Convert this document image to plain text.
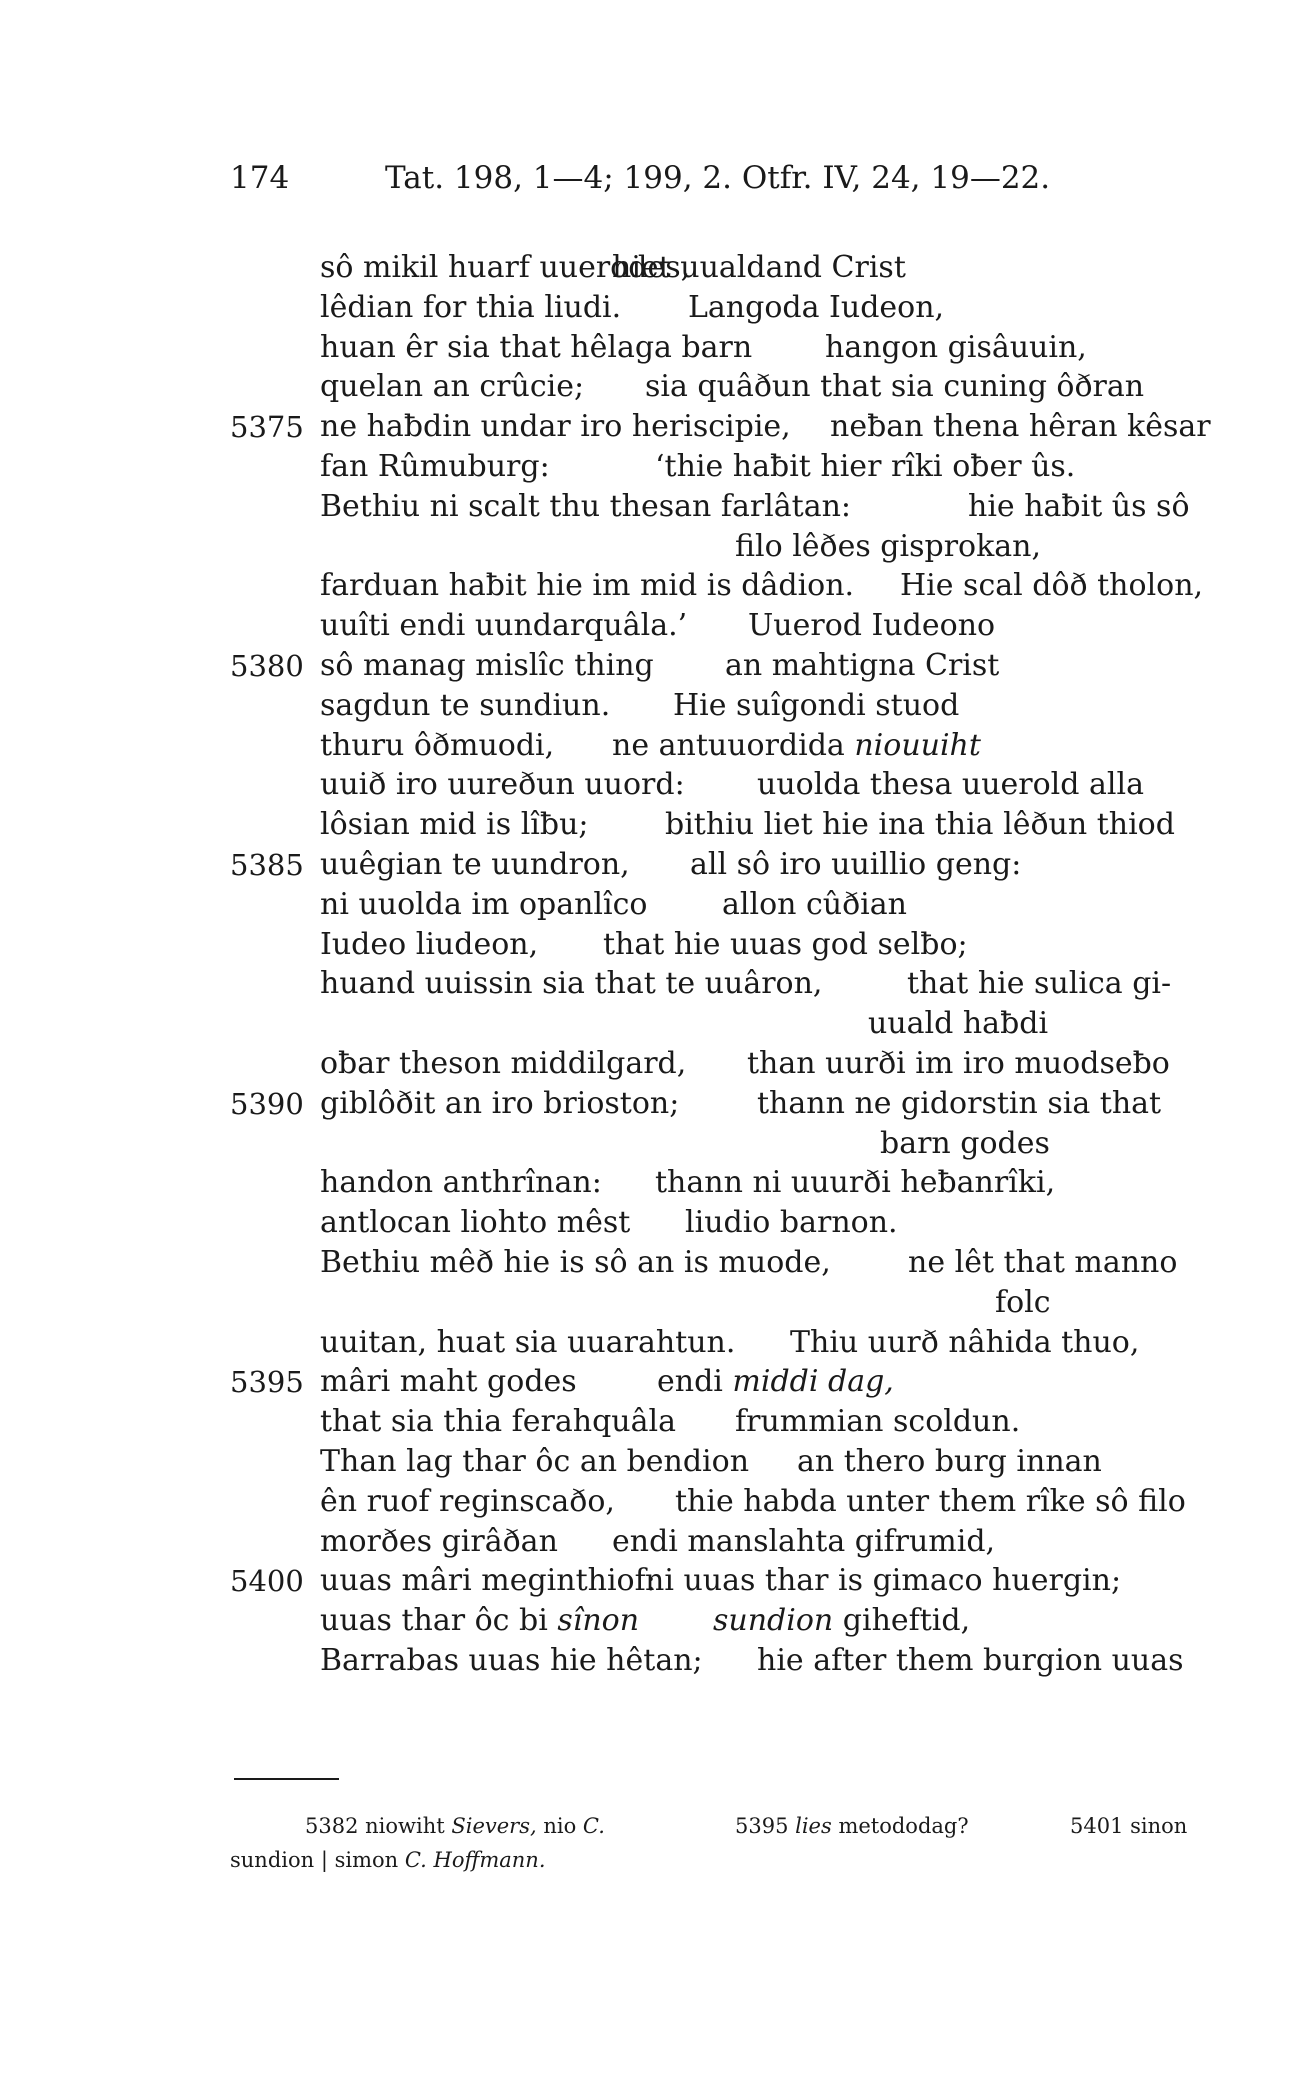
174	Tat. 198, 1—4; 199, 2. Otfr. IV, 24, 19—22.
sô mikil huarf uuerodes,
hiet uualdand Crist
lêdian for thia liudi. Langoda Iudeon,
huan êr sia that hêlaga barn hangon gisâuuin,
quelan an crûcie; sia quâðun that sia cuning ôðran
5375 ne haƀdin undar iro heriscipie, neƀan thena hêran kêsar
fan Rûmuburg:	‘thie haƀit hier rîki oƀer ûs.
Bethiu ni scalt thu thesan farlâtan:	hie haƀit ûs sô
filo lêðes gisprokan,
farduan haƀit hie im mid is dâdion. Hie scal dôð tholon,
uuîti endi uundarquâla.’ Uuerod Iudeono
5380 sô manag mislîc thing an mahtigna Crist
sagdun te sundiun. Hie suîgondi stuod
thuru ôðmuodi, ne antuuordida niouuiht
uuið iro uureðun uuord: uuolda thesa uuerold alla
lôsian mid is lîƀu;	bithiu liet hie ina thia lêðun thiod
5385 uuêgian te uundron, all sô iro uuillio geng:
ni uuolda im opanlîco allon cûðian
Iudeo liudeon, that hie uuas god selƀo;
huand uuissin sia that te uuâron,	that hie sulica gi-
uuald haƀdi
oƀar theson middilgard, than uurði im iro muodseƀo
5390 giblôðit an iro brioston;	thann ne gidorstin sia that
barn godes
handon anthrînan: thann ni uuurði heƀanrîki,
antlocan liohto mêst liudio barnon.
Bethiu mêð hie is sô an is muode,	ne lêt that manno
folc
uuitan, huat sia uuarahtun. Thiu uurð nâhida thuo,
5395 mâri maht godes	endi middi dag,
that sia thia ferahquâla frummian scoldun.
Than lag thar ôc an bendion an thero burg innan
ên ruof reginscaðo, thie habda unter them rîke sô filo
morðes girâðan endi manslahta gifrumid,
5400 uuas mâri meginthiof:
ni uuas thar is gimaco huergin;
uuas thar ôc bi sînon sundion giheftid,
Barrabas uuas hie hêtan; hie after them burgion uuas
5382 niowiht Sievers, nio C.	5395 lies metododag?	5401 sinon
sundion | simon C. Hoffmann.
